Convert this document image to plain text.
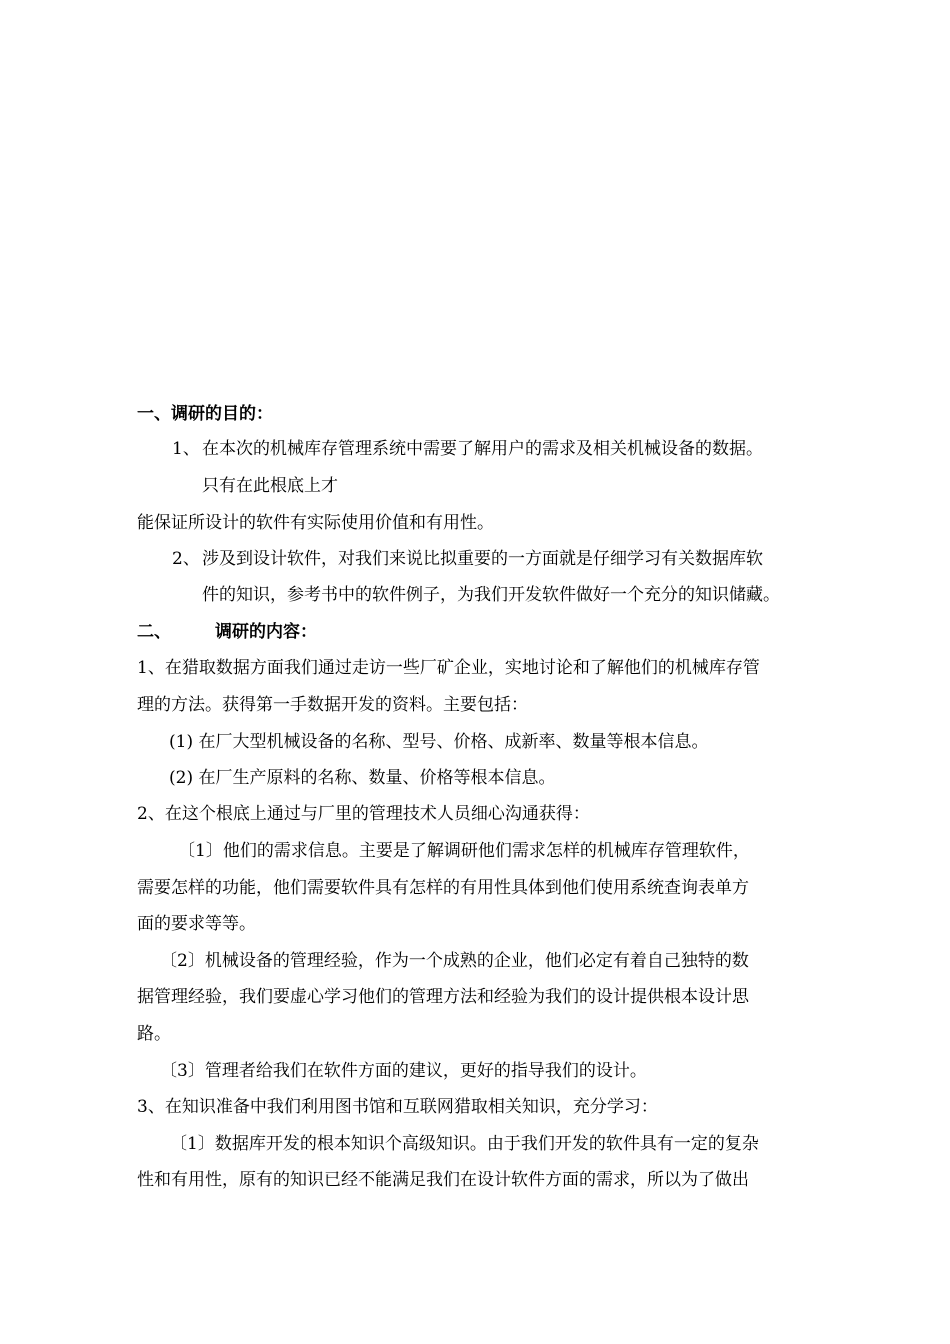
一、调研的目的：
1、 在本次的机械库存管理系统中需要了解用户的需求及相关机械设备的数据。
只有在此根底上才
能保证所设计的软件有实际使用价值和有用性。
2、 涉及到设计软件，对我们来说比拟重要的一方面就是仔细学习有关数据库软
件的知识，参考书中的软件例子，为我们开发软件做好一个充分的知识储藏。
二、	调研的内容：
1、在猎取数据方面我们通过走访一些厂矿企业，实地讨论和了解他们的机械库存管
理的方法。获得第一手数据开发的资料。主要包括：
(1) 在厂大型机械设备的名称、型号、价格、成新率、数量等根本信息。
(2) 在厂生产原料的名称、数量、价格等根本信息。
2、在这个根底上通过与厂里的管理技术人员细心沟通获得：
〔1〕他们的需求信息。主要是了解调研他们需求怎样的机械库存管理软件，
需要怎样的功能，他们需要软件具有怎样的有用性具体到他们使用系统查询表单方
面的要求等等。
〔2〕机械设备的管理经验，作为一个成熟的企业，他们必定有着自己独特的数
据管理经验，我们要虚心学习他们的管理方法和经验为我们的设计提供根本设计思
路。
〔3〕管理者给我们在软件方面的建议，更好的指导我们的设计。
3、在知识准备中我们利用图书馆和互联网猎取相关知识，充分学习：
〔1〕数据库开发的根本知识个高级知识。由于我们开发的软件具有一定的复杂
性和有用性，原有的知识已经不能满足我们在设计软件方面的需求，所以为了做出
